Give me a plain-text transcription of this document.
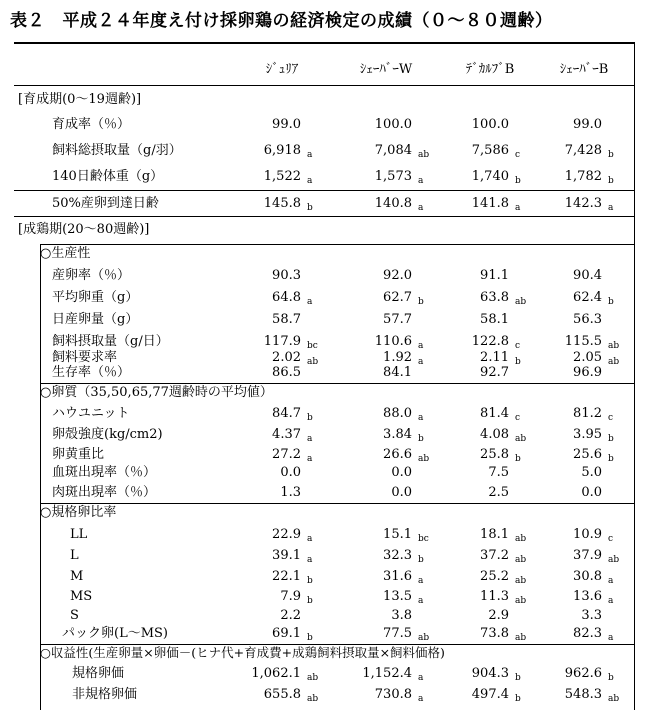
表２　平成２４年度え付け採卵鶏の経済検定の成績（０～８０週齢）
ｼﾞｭﾘｱ	ｼｪｰﾊﾞｰW	ﾃﾞｶﾙﾌﾞB	ｼｪｰﾊﾞｰB
[育成期(0～19週齢)]
育成率（％）	99.0	100.0	100.0	99.0
飼料総摂取量（g/羽）	6,918 a	7,084 ab	7,586 c	7,428 b
140日齢体重（g）	1,522 a	1,573 a	1,740 b	1,782 b
50%産卵到達日齢	145.8 b	140.8 a	141.8 a	142.3 a
[成鶏期(20～80週齢)]
○生産性
産卵率（％）	90.3	92.0	91.1	90.4
平均卵重（g）	64.8 a	62.7 b	63.8 ab	62.4 b
日産卵量（g）	58.7	57.7	58.1	56.3
飼料摂取量（g/日）	117.9 bc	110.6 a	122.8 c	115.5 ab
飼料要求率	2.02 ab	1.92 a	2.11 b	2.05 ab
生存率（％）	86.5	84.1	92.7	96.9
○卵質（35,50,65,77週齢時の平均値）
ハウユニット	84.7 b	88.0 a	81.4 c	81.2 c
卵殻強度(kg/cm2)	4.37 a	3.84 b	4.08 ab	3.95 b
卵黄重比	27.2 a	26.6 ab	25.8 b	25.6 b
血斑出現率（％）	0.0	0.0	7.5	5.0
肉斑出現率（％）	1.3	0.0	2.5	0.0
○規格卵比率
LL	22.9 a	15.1 bc	18.1 ab	10.9 c
L	39.1 a	32.3 b	37.2 ab	37.9 ab
M	22.1 b	31.6 a	25.2 ab	30.8 a
MS	7.9 b	13.5 a	11.3 ab	13.6 a
S	2.2	3.8	2.9	3.3
パック卵(L～MS)	69.1 b	77.5 ab	73.8 ab	82.3 a
○収益性(生産卵量×卵価－(ヒナ代+育成費+成鶏飼料摂取量×飼料価格)
規格卵価	1,062.1 ab	1,152.4 a	904.3 b	962.6 b
非規格卵価	655.8 ab	730.8 a	497.4 b	548.3 ab
